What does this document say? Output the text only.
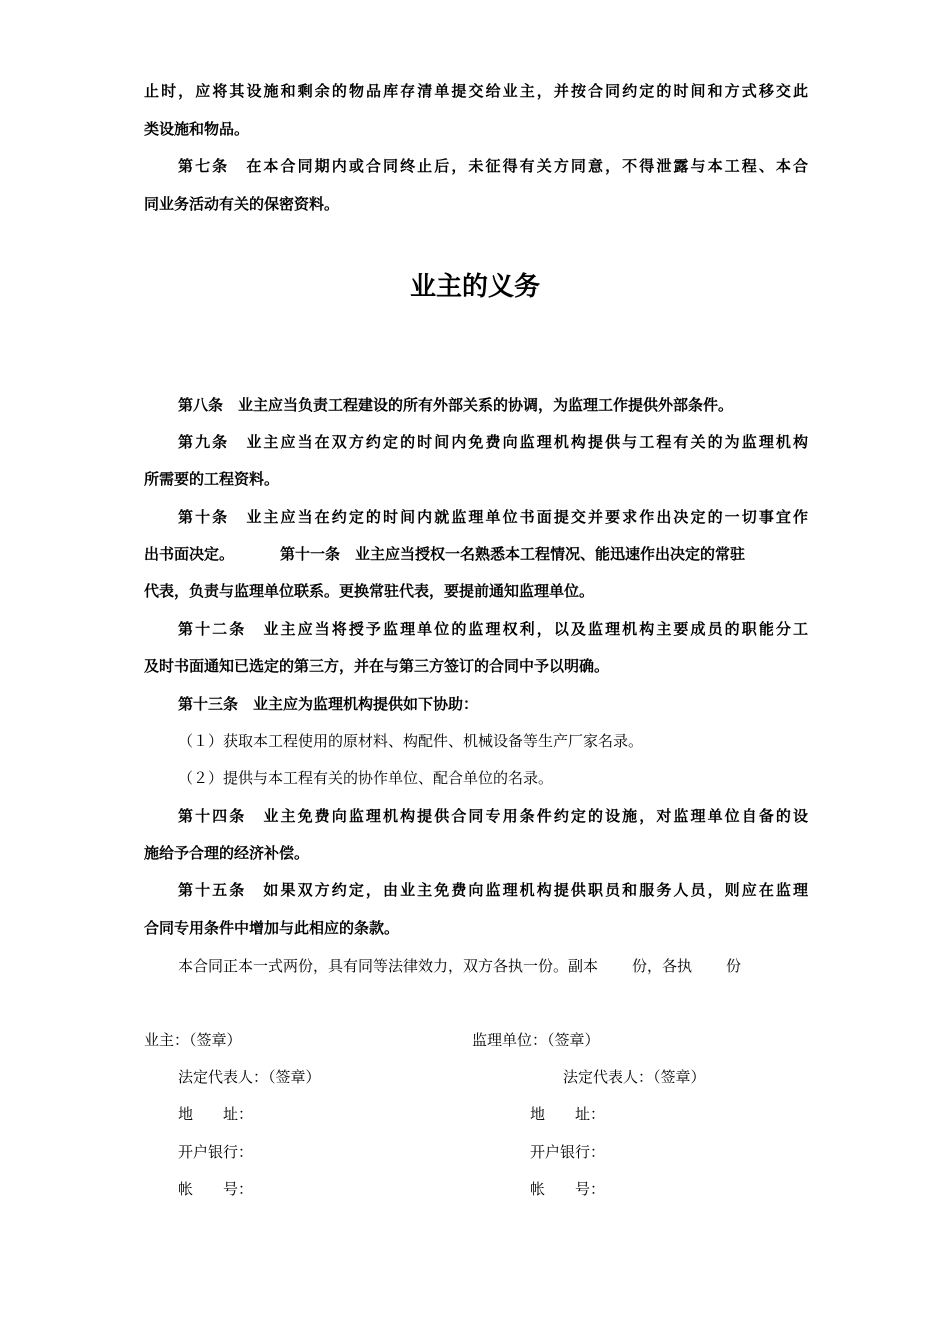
止时，应将其设施和剩余的物品库存清单提交给业主，并按合同约定的时间和方式移交此
类设施和物品。
第七条　在本合同期内或合同终止后，未征得有关方同意，不得泄露与本工程、本合
同业务活动有关的保密资料。
业主的义务
第八条　业主应当负责工程建设的所有外部关系的协调，为监理工作提供外部条件。
第九条　业主应当在双方约定的时间内免费向监理机构提供与工程有关的为监理机构
所需要的工程资料。
第十条　业主应当在约定的时间内就监理单位书面提交并要求作出决定的一切事宜作
出书面决定。	第十一条　业主应当授权一名熟悉本工程情况、能迅速作出决定的常驻
代表，负责与监理单位联系。更换常驻代表，要提前通知监理单位。
第十二条　业主应当将授予监理单位的监理权利，以及监理机构主要成员的职能分工
及时书面通知已选定的第三方，并在与第三方签订的合同中予以明确。
第十三条　业主应为监理机构提供如下协助：
（１）获取本工程使用的原材料、构配件、机械设备等生产厂家名录。
（２）提供与本工程有关的协作单位、配合单位的名录。
第十四条　业主免费向监理机构提供合同专用条件约定的设施，对监理单位自备的设
施给予合理的经济补偿。
第十五条　如果双方约定，由业主免费向监理机构提供职员和服务人员，则应在监理
合同专用条件中增加与此相应的条款。
本合同正本一式两份，具有同等法律效力，双方各执一份。副本 份，各执 份
业主：（签章）	监理单位：（签章）
法定代表人：（签章）	法定代表人：（签章）
地 址：	地 址：
开户银行：	开户银行：
帐 号：	帐 号：
